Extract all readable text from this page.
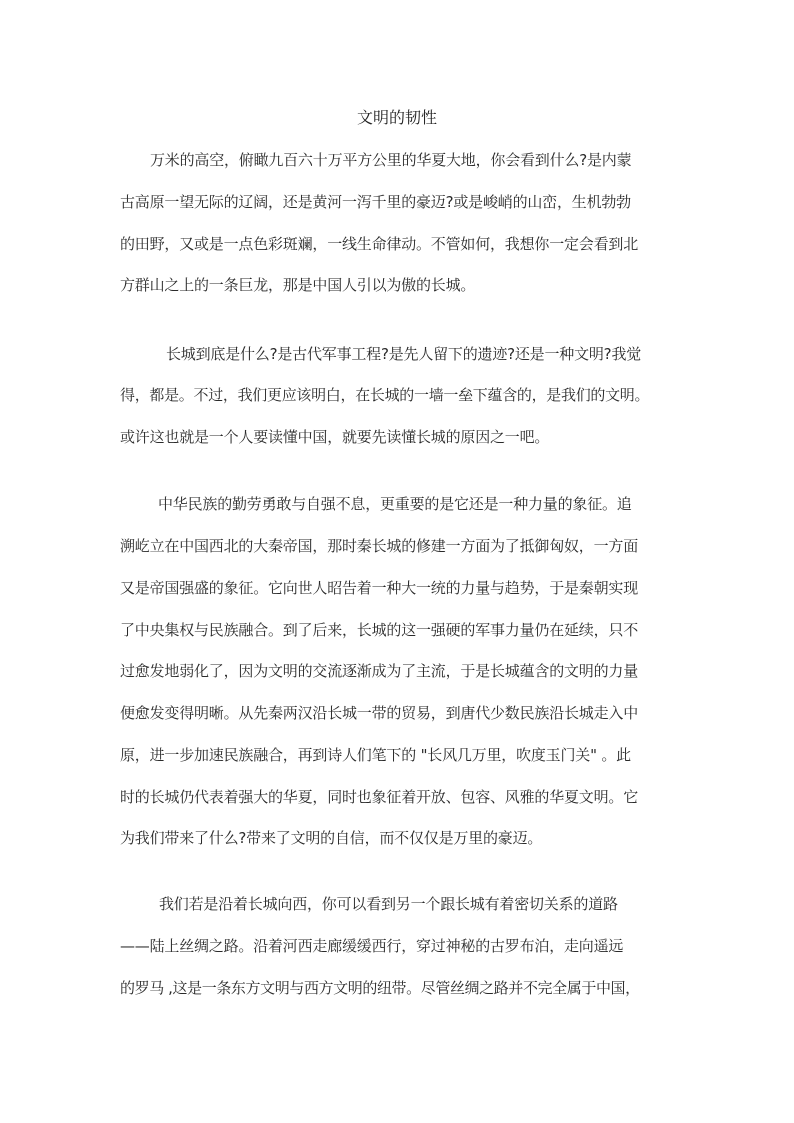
文明的韧性
万米的高空，俯瞰九百六十万平方公里的华夏大地，你会看到什么?是内蒙
古高原一望无际的辽阔，还是黄河一泻千里的豪迈?或是峻峭的山峦，生机勃勃
的田野，又或是一点色彩斑斓，一线生命律动。不管如何，我想你一定会看到北
方群山之上的一条巨龙，那是中国人引以为傲的长城。
长城到底是什么?是古代军事工程?是先人留下的遗迹?还是一种文明?我觉
得，都是。不过，我们更应该明白，在长城的一墙一垒下蕴含的，是我们的文明。
或许这也就是一个人要读懂中国，就要先读懂长城的原因之一吧。
中华民族的勤劳勇敢与自强不息，更重要的是它还是一种力量的象征。追
溯屹立在中国西北的大秦帝国，那时秦长城的修建一方面为了抵御匈奴，一方面
又是帝国强盛的象征。它向世人昭告着一种大一统的力量与趋势，于是秦朝实现
了中央集权与民族融合。到了后来，长城的这一强硬的军事力量仍在延续，只不
过愈发地弱化了，因为文明的交流逐渐成为了主流，于是长城蕴含的文明的力量
便愈发变得明晰。从先秦两汉沿长城一带的贸易，到唐代少数民族沿长城走入中
原，进一步加速民族融合，再到诗人们笔下的 "长风几万里，吹度玉门关" 。此
时的长城仍代表着强大的华夏，同时也象征着开放、包容、风雅的华夏文明。它
为我们带来了什么?带来了文明的自信，而不仅仅是万里的豪迈。
我们若是沿着长城向西，你可以看到另一个跟长城有着密切关系的道路
——陆上丝绸之路。沿着河西走廊缓缓西行，穿过神秘的古罗布泊，走向遥远
的罗马 ,这是一条东方文明与西方文明的纽带。尽管丝绸之路并不完全属于中国，
